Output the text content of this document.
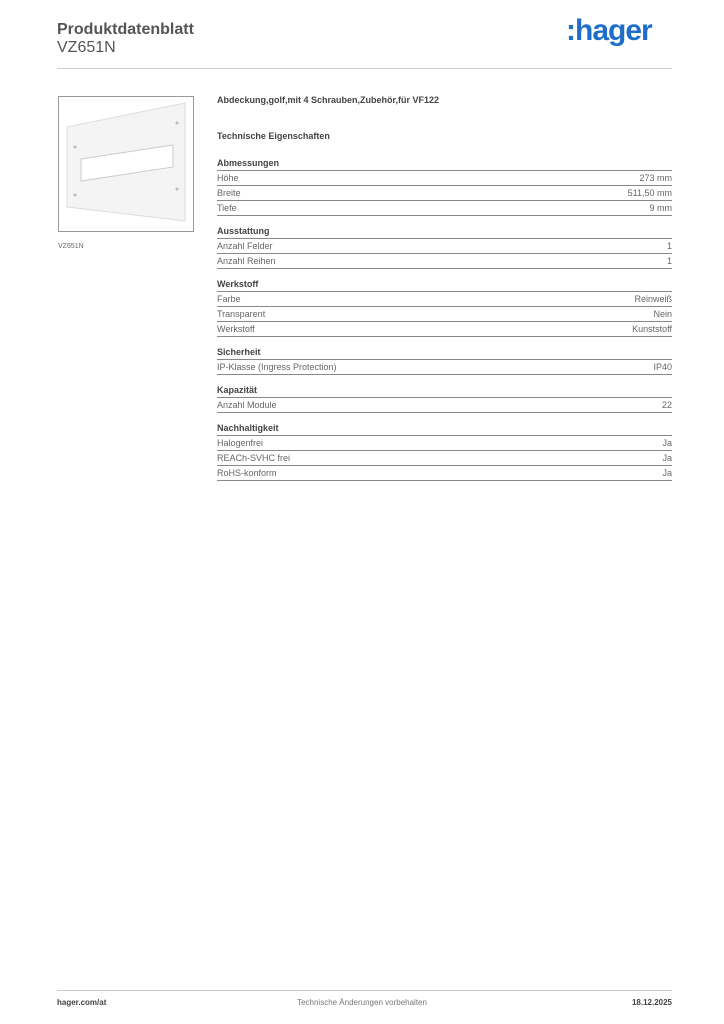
Produktdatenblatt
VZ651N
:hager
VZ651N
Abdeckung,golf,mit 4 Schrauben,Zubehör,für VF122
Technische Eigenschaften
Abmessungen
Höhe	273 mm
Breite	511,50 mm
Tiefe	9 mm
Ausstattung
Anzahl Felder	1
Anzahl Reihen	1
Werkstoff
Farbe	Reinweiß
Transparent	Nein
Werkstoff	Kunststoff
Sicherheit
IP-Klasse (Ingress Protection)	IP40
Kapazität
Anzahl Module	22
Nachhaltigkeit
Halogenfrei	Ja
REACh-SVHC frei	Ja
RoHS-konform	Ja
hager.com/at	Technische Änderungen vorbehalten	18.12.2025
